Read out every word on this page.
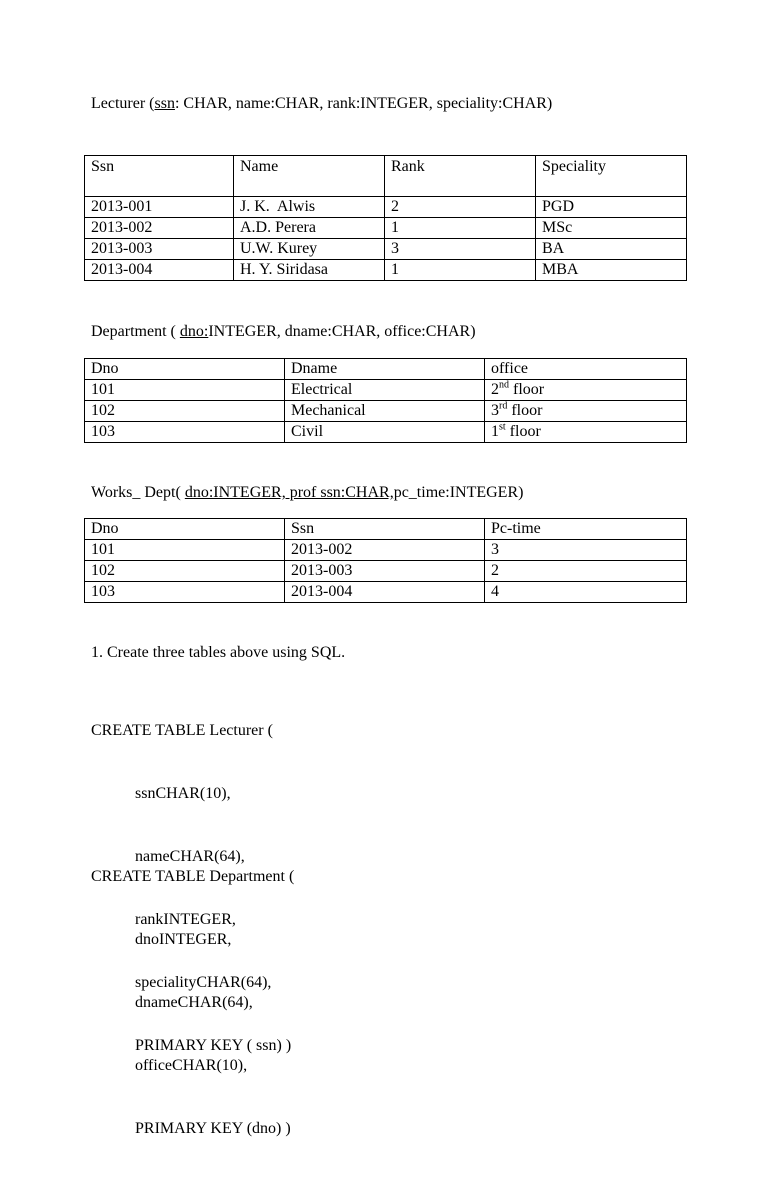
Lecturer (ssn: CHAR, name:CHAR, rank:INTEGER, speciality:CHAR)
Ssn	Name	Rank	Speciality
2013-001	J. K.  Alwis	2	PGD
2013-002	A.D. Perera	1	MSc
2013-003	U.W. Kurey	3	BA
2013-004	H. Y. Siridasa	1	MBA
Department ( dno:INTEGER, dname:CHAR, office:CHAR)
Dno	Dname	office
101	Electrical	2nd floor
102	Mechanical	3rd floor
103	Civil	1st floor
Works_ Dept( dno:INTEGER, prof ssn:CHAR,pc_time:INTEGER)
Dno	Ssn	Pc-time
101	2013-002	3
102	2013-003	2
103	2013-004	4
1. Create three tables above using SQL.

CREATE TABLE Lecturer (

ssnCHAR(10),

nameCHAR(64),

rankINTEGER,

specialityCHAR(64),

PRIMARY KEY ( ssn) )

CREATE TABLE Department (

dnoINTEGER,

dnameCHAR(64),

officeCHAR(10),

PRIMARY KEY (dno) )
